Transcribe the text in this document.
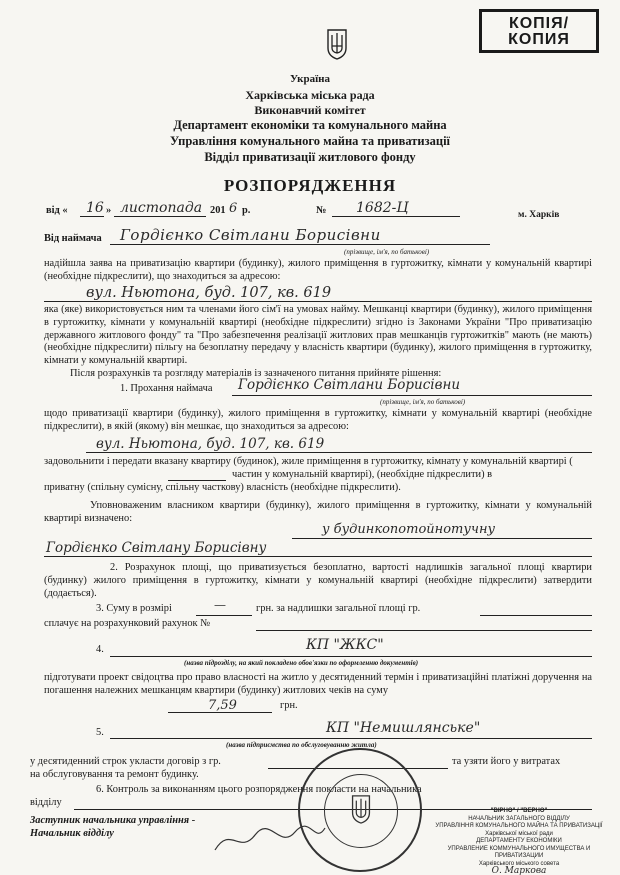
КОПІЯ/
КОПИЯ
Україна
Харківська міська рада
Виконавчий комітет
Департамент економіки та комунального майна
Управління комунального майна та приватизації
Відділ приватизації житлового фонду
РОЗПОРЯДЖЕННЯ
від « 16 » листопада 201 6 р.	№ 1682-Ц	м. Харків
Від наймача Гордієнко Світлани Борисівни
(прізвище, ім'я, по батькові)
надійшла заява на приватизацію квартири (будинку), жилого приміщення в гуртожитку, кімнати у комунальній квартирі (необхідне підкреслити), що знаходиться за адресою:
вул. Ньютона, буд. 107, кв. 619
яка (яке) використовується ним та членами його сім'ї на умовах найму. Мешканці квартири (будинку), жилого приміщення в гуртожитку, кімнати у комунальній квартирі (необхідне підкреслити) згідно із Законами України "Про приватизацію державного житлового фонду" та "Про забезпечення реалізації житлових прав мешканців гуртожитків" мають (не мають) (необхідне підкреслити) пільгу на безоплатну передачу у власність квартири (будинку), жилого приміщення в гуртожитку, кімнати у комунальній квартирі.
Після розрахунків та розгляду матеріалів із зазначеного питання прийняте рішення:
1. Прохання наймача Гордієнко Світлани Борисівни
(прізвище, ім'я, по батькові)
щодо приватизації квартири (будинку), жилого приміщення в гуртожитку, кімнати у комунальній квартирі (необхідне підкреслити), в якій (якому) він мешкає, що знаходиться за адресою:
вул. Ньютона, буд. 107, кв. 619
задовольнити і передати вказану квартиру (будинок), жиле приміщення в гуртожитку, кімнату у комунальній квартирі (
частин у комунальній квартирі), (необхідне підкреслити) в
приватну (спільну сумісну, спільну часткову) власність (необхідне підкреслити).
Уповноваженим власником квартири (будинку), жилого приміщення в гуртожитку, кімнати у комунальній квартирі визначено:
у будинкопотойнотучну
Гордієнко Світлану Борисівну
2. Розрахунок площі, що приватизується безоплатно, вартості надлишків загальної площі квартири (будинку) жилого приміщення в гуртожитку, кімнати у комунальній квартирі (необхідне підкреслити) затвердити (додається).
3. Суму в розмірі	—	грн. за надлишки загальної площі гр.
сплачує на розрахунковий рахунок №
4.	КП "ЖКС"
(назва підрозділу, на який покладено обов'язки по оформленню документів)
підготувати проект свідоцтва про право власності на житло у десятиденний термін і приватизаційні платіжні доручення на погашення належних мешканцям квартири (будинку) житлових чеків на суму
7,59	грн.
5.	КП "Немишлянське"
(назва підприємства по обслуговуванню житла)
у десятиденний строк укласти договір з гр.	та узяти його у витратах
на обслуговування та ремонт будинку.
6. Контроль за виконанням цього розпорядження покласти на начальника
відділу
Заступник начальника управління -
Начальник відділу
"ВІРНО" / "ВЕРНО"
НАЧАЛЬНИК ЗАГАЛЬНОГО ВІДДІЛУ
УПРАВЛІННЯ КОМУНАЛЬНОГО МАЙНА ТА ПРИВАТИЗАЦІЇ
Харківської міської ради
ДЕПАРТАМЕНТУ ЕКОНОМІКИ
УПРАВЛЕНИЕ КОММУНАЛЬНОГО ИМУЩЕСТВА И ПРИВАТИЗАЦИИ
Харківського міського совета
О. Маркова
